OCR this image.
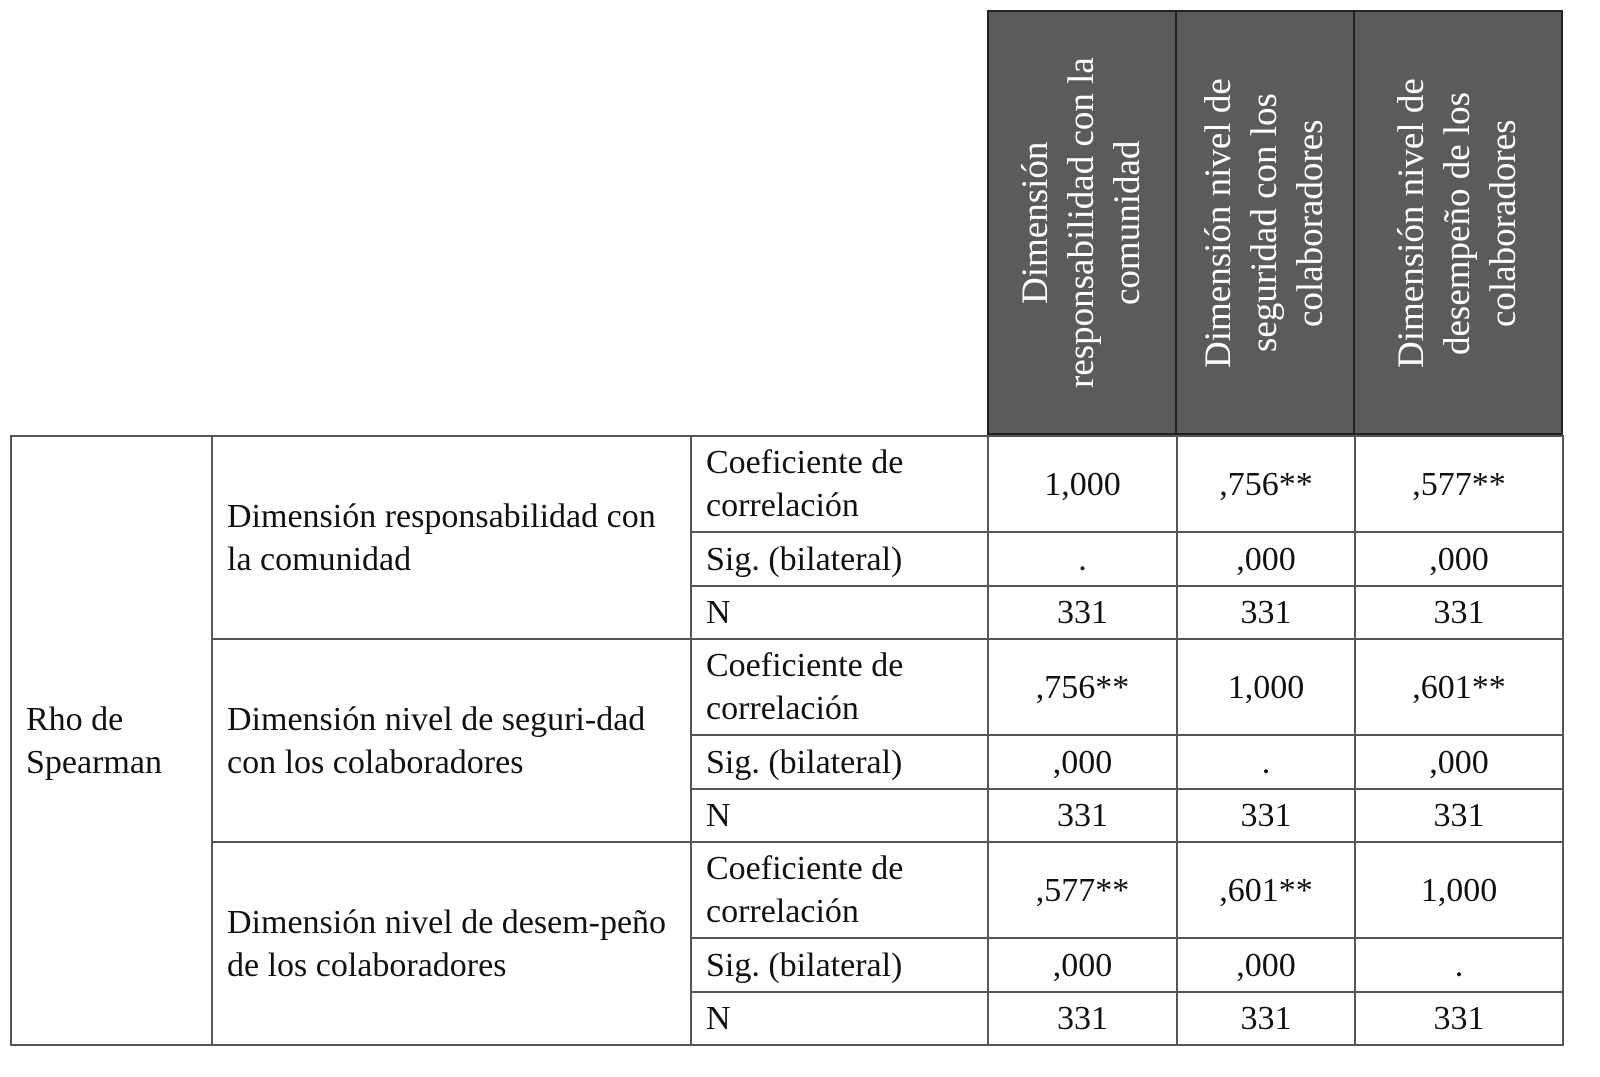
Dimensión responsabilidad con la comunidad Dimensión nivel de seguridad con los colaboradores Dimensión nivel de desempeño de los colaboradores
Rho de Spearman	Dimensión responsabilidad con la comunidad	Coeficiente de correlación	1,000	,756**	,577**
		Sig. (bilateral)	.	,000	,000
		N	331	331	331
	Dimensión nivel de seguri-dad con los colaboradores	Coeficiente de correlación	,756**	1,000	,601**
		Sig. (bilateral)	,000	.	,000
		N	331	331	331
	Dimensión nivel de desem-peño de los colaboradores	Coeficiente de correlación	,577**	,601**	1,000
		Sig. (bilateral)	,000	,000	.
		N	331	331	331
